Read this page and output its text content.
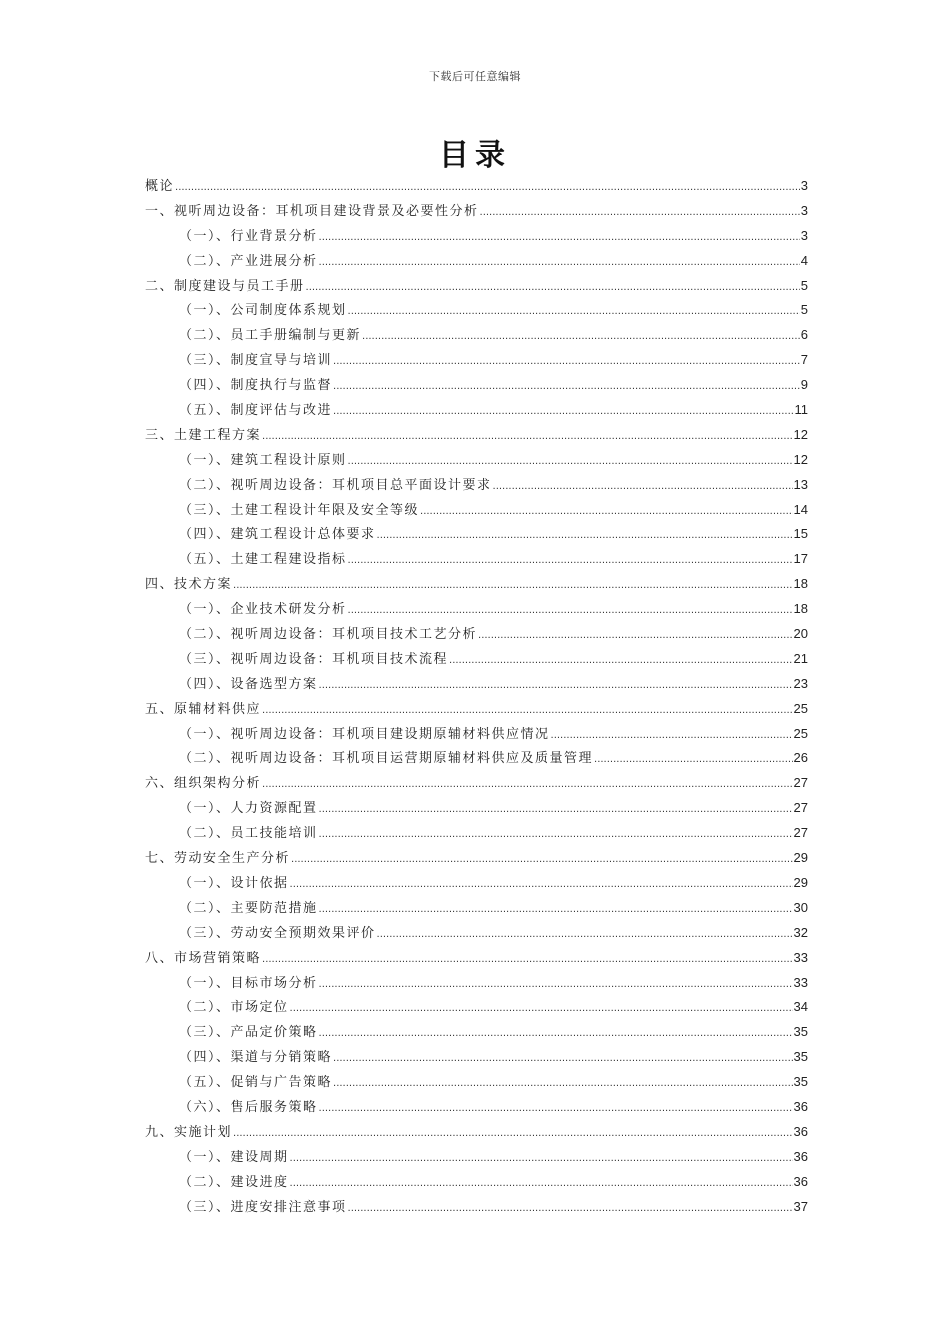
下载后可任意编辑
目录
概论 .....	3
一、视听周边设备：耳机项目建设背景及必要性分析 .....	3
（一）、行业背景分析 .....	3
（二）、产业进展分析 .....	4
二、制度建设与员工手册 .....	5
（一）、公司制度体系规划 .....	5
（二）、员工手册编制与更新 .....	6
（三）、制度宣导与培训 .....	7
（四）、制度执行与监督 .....	9
（五）、制度评估与改进 .....	11
三、土建工程方案 .....	12
（一）、建筑工程设计原则 .....	12
（二）、视听周边设备：耳机项目总平面设计要求 .....	13
（三）、土建工程设计年限及安全等级 .....	14
（四）、建筑工程设计总体要求 .....	15
（五）、土建工程建设指标 .....	17
四、技术方案 .....	18
（一）、企业技术研发分析 .....	18
（二）、视听周边设备：耳机项目技术工艺分析 .....	20
（三）、视听周边设备：耳机项目技术流程 .....	21
（四）、设备选型方案 .....	23
五、原辅材料供应 .....	25
（一）、视听周边设备：耳机项目建设期原辅材料供应情况 .....	25
（二）、视听周边设备：耳机项目运营期原辅材料供应及质量管理 .....	26
六、组织架构分析 .....	27
（一）、人力资源配置 .....	27
（二）、员工技能培训 .....	27
七、劳动安全生产分析 .....	29
（一）、设计依据 .....	29
（二）、主要防范措施 .....	30
（三）、劳动安全预期效果评价 .....	32
八、市场营销策略 .....	33
（一）、目标市场分析 .....	33
（二）、市场定位 .....	34
（三）、产品定价策略 .....	35
（四）、渠道与分销策略 .....	35
（五）、促销与广告策略 .....	35
（六）、售后服务策略 .....	36
九、实施计划 .....	36
（一）、建设周期 .....	36
（二）、建设进度 .....	36
（三）、进度安排注意事项 .....	37
